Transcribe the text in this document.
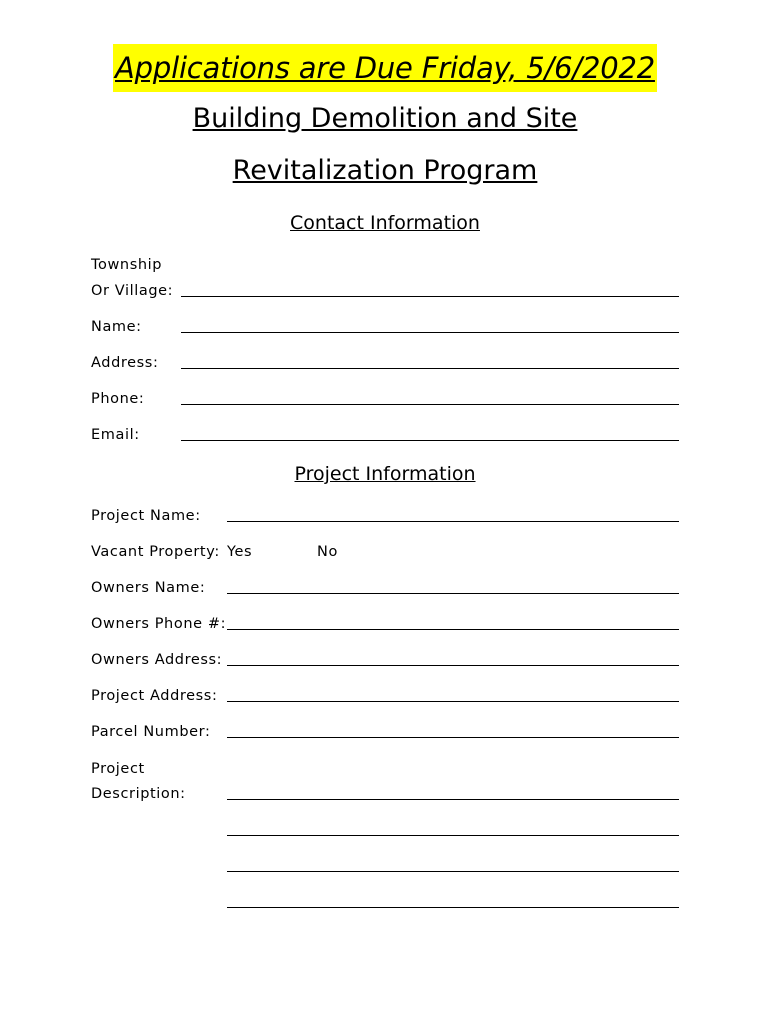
Applications are Due Friday, 5/6/2022
Building Demolition and Site
Revitalization Program
Contact Information
Township
Or Village:
Name:
Address:
Phone:
Email:
Project Information
Project Name:
Vacant Property: Yes	No
Owners Name:
Owners Phone #:
Owners Address:
Project Address:
Parcel Number:
Project
Description:
